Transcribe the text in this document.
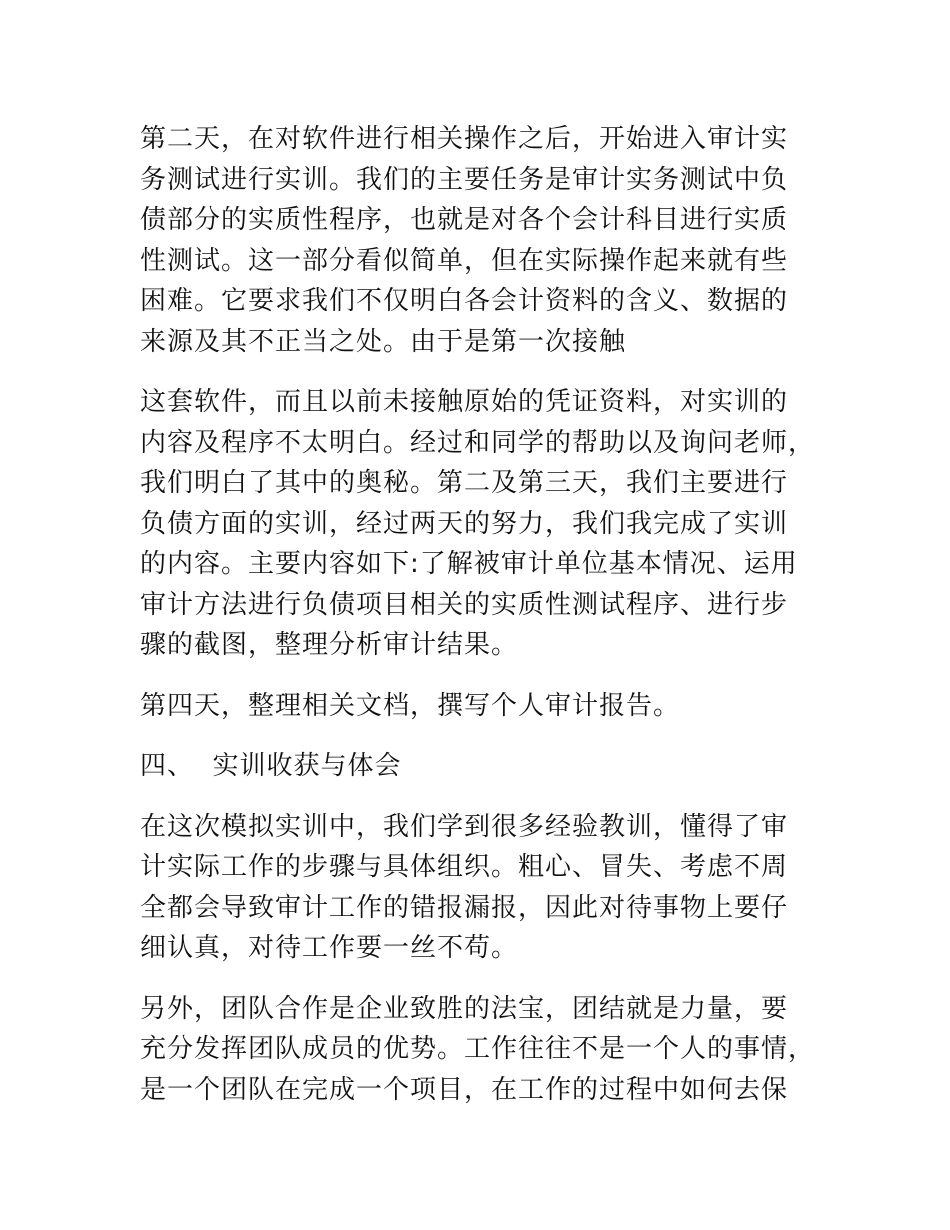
第二天，在对软件进行相关操作之后，开始进入审计实
务测试进行实训。我们的主要任务是审计实务测试中负
债部分的实质性程序，也就是对各个会计科目进行实质
性测试。这一部分看似简单，但在实际操作起来就有些
困难。它要求我们不仅明白各会计资料的含义、数据的
来源及其不正当之处。由于是第一次接触

这套软件，而且以前未接触原始的凭证资料，对实训的
内容及程序不太明白。经过和同学的帮助以及询问老师，
我们明白了其中的奥秘。第二及第三天，我们主要进行
负债方面的实训，经过两天的努力，我们我完成了实训
的内容。主要内容如下:了解被审计单位基本情况、运用
审计方法进行负债项目相关的实质性测试程序、进行步
骤的截图，整理分析审计结果。

第四天，整理相关文档，撰写个人审计报告。

四、  实训收获与体会

在这次模拟实训中，我们学到很多经验教训，懂得了审
计实际工作的步骤与具体组织。粗心、冒失、考虑不周
全都会导致审计工作的错报漏报，因此对待事物上要仔
细认真，对待工作要一丝不苟。

另外，团队合作是企业致胜的法宝，团结就是力量，要
充分发挥团队成员的优势。工作往往不是一个人的事情，
是一个团队在完成一个项目，在工作的过程中如何去保
